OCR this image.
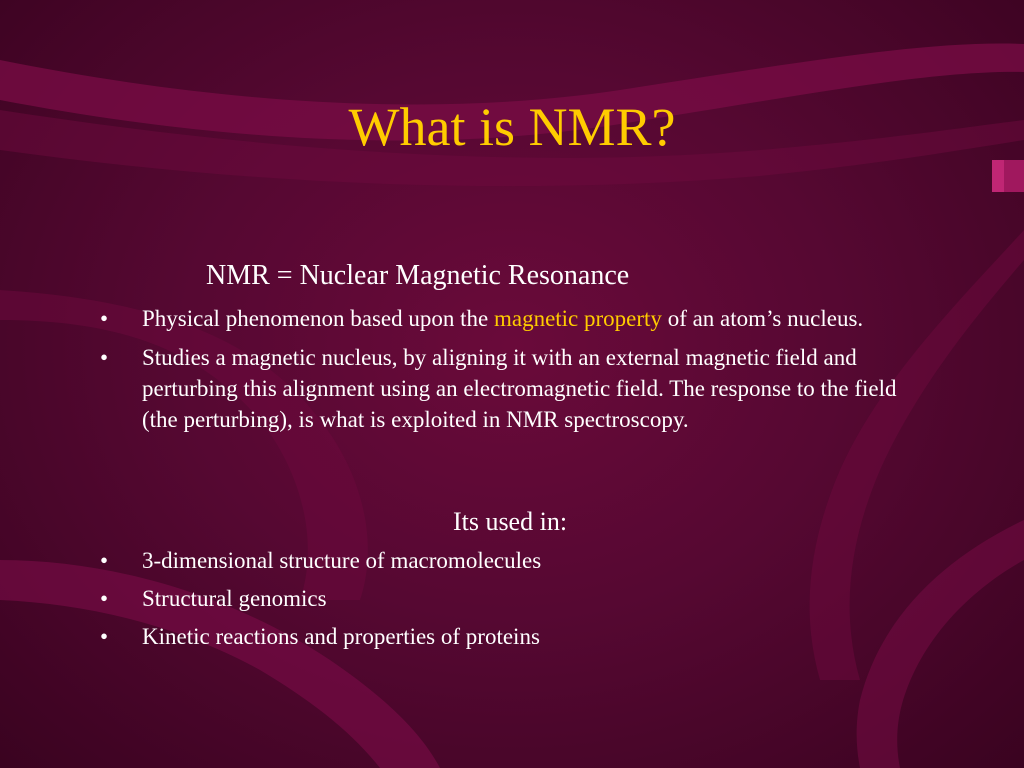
What is NMR?
NMR = Nuclear Magnetic Resonance
• Physical phenomenon based upon the magnetic property of an atom’s nucleus.
• Studies a magnetic nucleus, by aligning it with an external magnetic field and perturbing this alignment using an electromagnetic field. The response to the field (the perturbing), is what is exploited in NMR spectroscopy.
Its used in:
• 3-dimensional structure of macromolecules
• Structural genomics
• Kinetic reactions and properties of proteins
